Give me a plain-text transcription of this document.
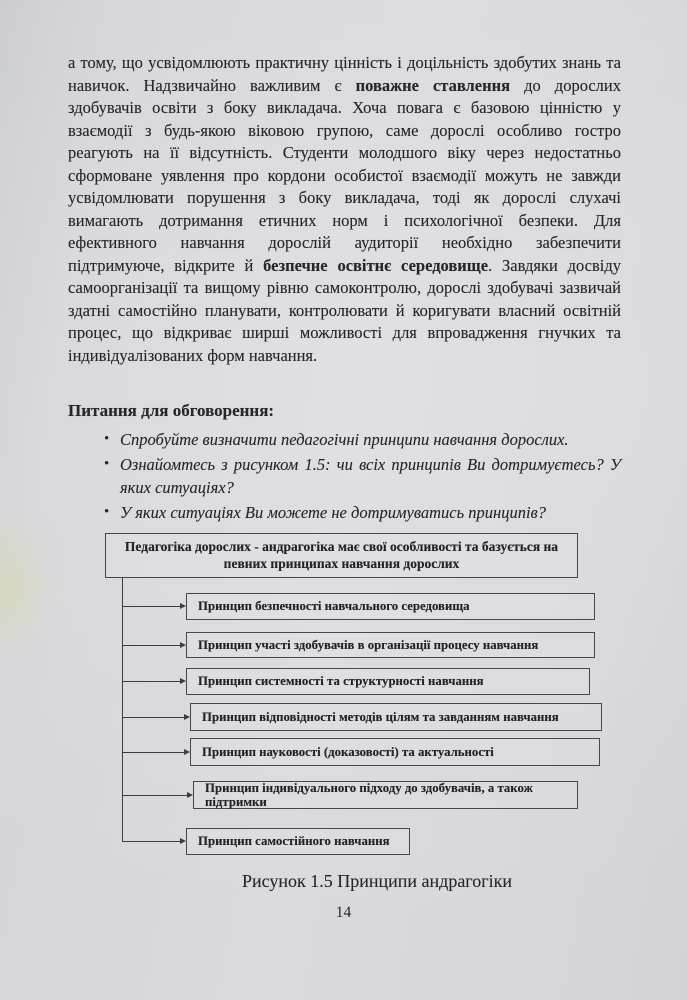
а тому, що усвідомлюють практичну цінність і доцільність здобутих знань та навичок. Надзвичайно важливим є поважне ставлення до дорослих здобувачів освіти з боку викладача. Хоча повага є базовою цінністю у взаємодії з будь-якою віковою групою, саме дорослі особливо гостро реагують на її відсутність. Студенти молодшого віку через недостатньо сформоване уявлення про кордони особистої взаємодії можуть не завжди усвідомлювати порушення з боку викладача, тоді як дорослі слухачі вимагають дотримання етичних норм і психологічної безпеки. Для ефективного навчання дорослій аудиторії необхідно забезпечити підтримуюче, відкрите й безпечне освітнє середовище. Завдяки досвіду самоорганізації та вищому рівню самоконтролю, дорослі здобувачі зазвичай здатні самостійно планувати, контролювати й коригувати власний освітній процес, що відкриває ширші можливості для впровадження гнучких та індивідуалізованих форм навчання.

Питання для обговорення:
• Спробуйте визначити педагогічні принципи навчання дорослих.
• Ознайомтесь з рисунком 1.5: чи всіх принципів Ви дотримуєтесь? У яких ситуаціях?
• У яких ситуаціях Ви можете не дотримуватись принципів?
Педагогіка дорослих - андрагогіка має свої особливості та базується на певних принципах навчання дорослих
Принцип безпечності навчального середовища
Принцип участі здобувачів в організації процесу навчання
Принцип системності та структурності навчання
Принцип відповідності методів цілям та завданням навчання
Принцип науковості (доказовості) та актуальності
Принцип індивідуального підходу до здобувачів, а також підтримки
Принцип самостійного навчання
Рисунок 1.5 Принципи андрагогіки
14
